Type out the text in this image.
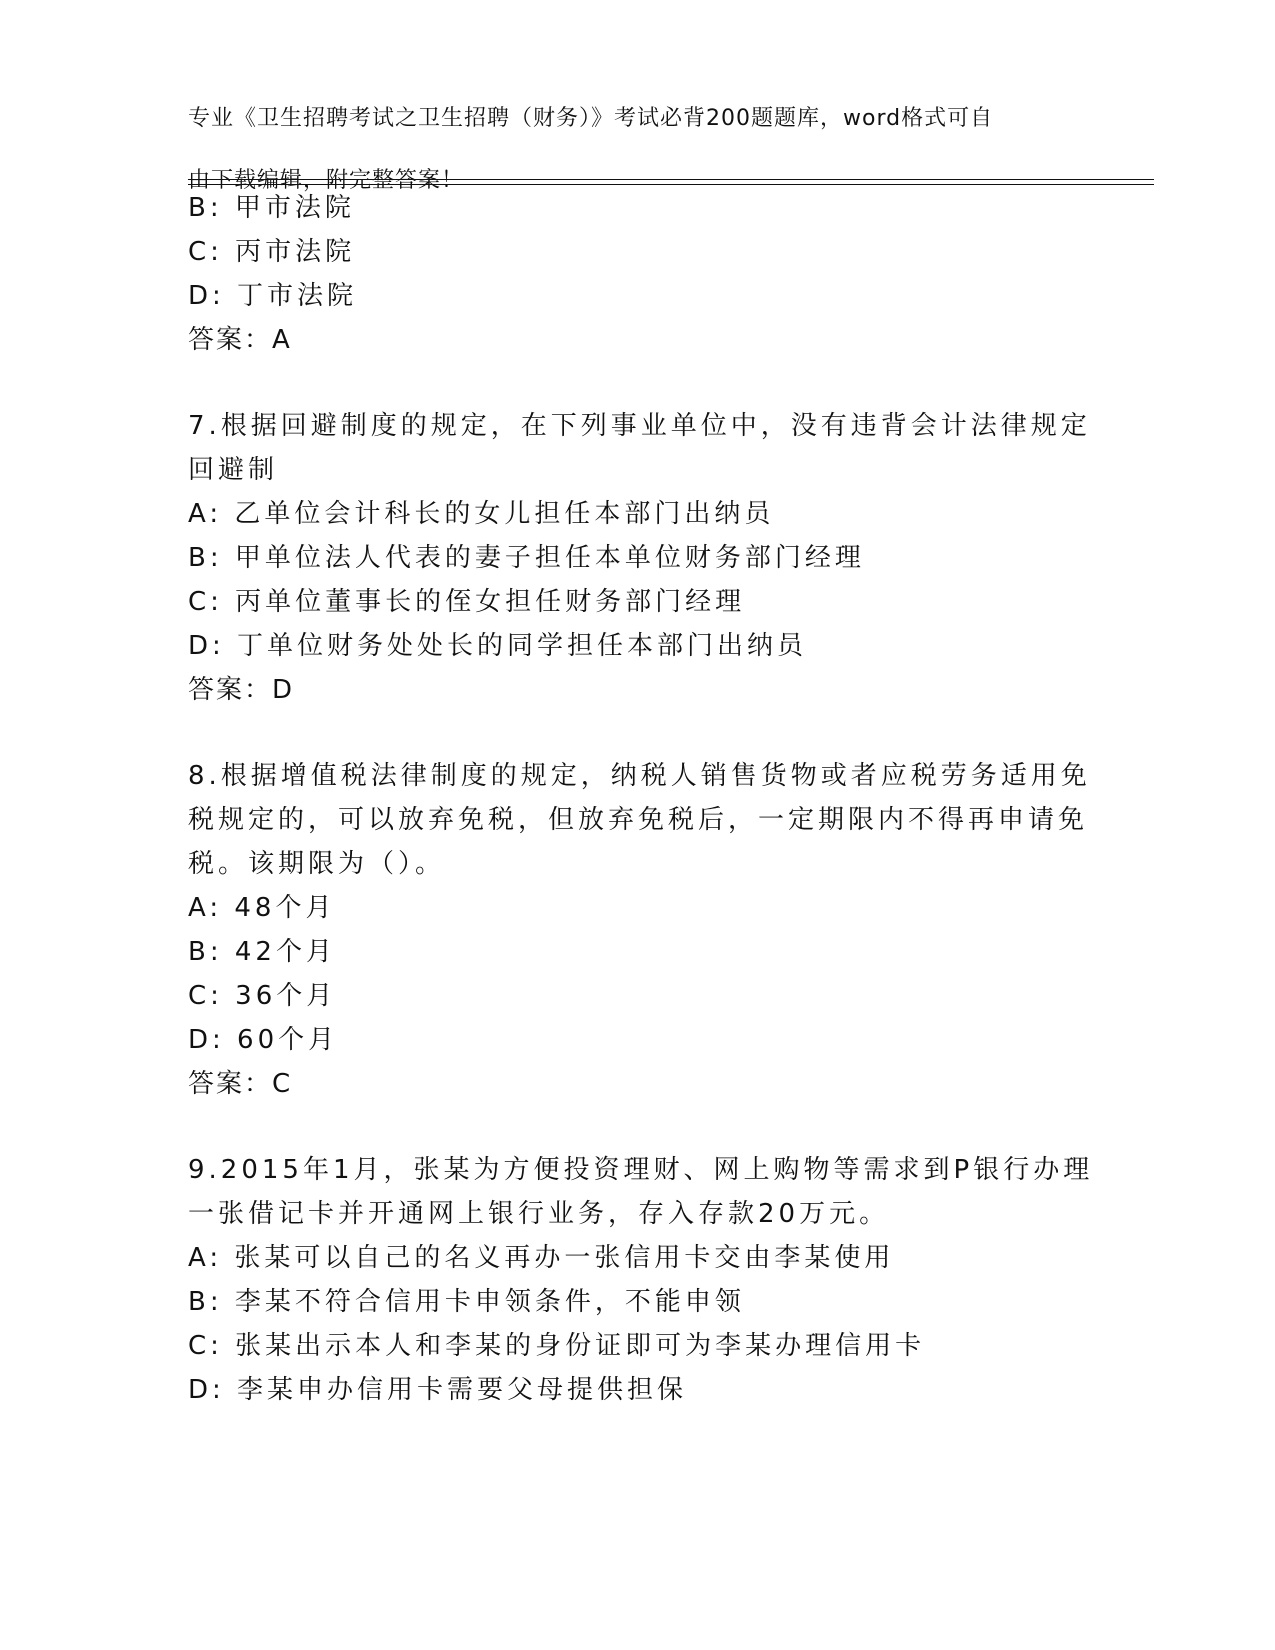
专业《卫生招聘考试之卫生招聘（财务）》考试必背200题题库，word格式可自

由下载编辑，附完整答案！

B: 甲市法院
C: 丙市法院
D: 丁市法院
答案：A
7.根据回避制度的规定，在下列事业单位中，没有违背会计法律规定
回避制
A: 乙单位会计科长的女儿担任本部门出纳员
B: 甲单位法人代表的妻子担任本单位财务部门经理
C: 丙单位董事长的侄女担任财务部门经理
D: 丁单位财务处处长的同学担任本部门出纳员
答案：D
8.根据增值税法律制度的规定，纳税人销售货物或者应税劳务适用免
税规定的，可以放弃免税，但放弃免税后，一定期限内不得再申请免
税。该期限为（）。
A: 48个月
B: 42个月
C: 36个月
D: 60个月
答案：C
9.2015年1月，张某为方便投资理财、网上购物等需求到P银行办理
一张借记卡并开通网上银行业务，存入存款20万元。
A: 张某可以自己的名义再办一张信用卡交由李某使用
B: 李某不符合信用卡申领条件，不能申领
C: 张某出示本人和李某的身份证即可为李某办理信用卡
D: 李某申办信用卡需要父母提供担保
